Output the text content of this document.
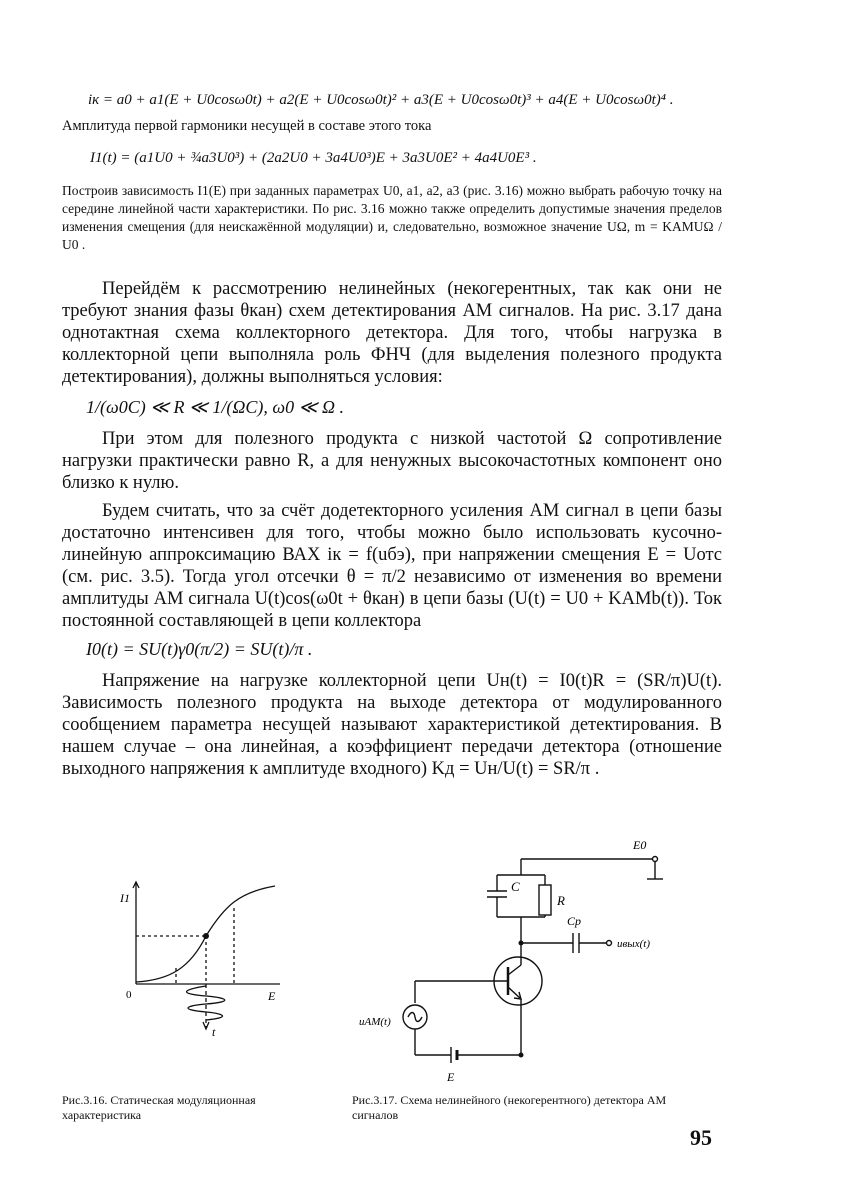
iк = a0 + a1(E + U0cosω0t) + a2(E + U0cosω0t)² + a3(E + U0cosω0t)³ + a4(E + U0cosω0t)⁴ .
Амплитуда первой гармоники несущей в составе этого тока
I1(t) = (a1U0 + ¾a3U0³) + (2a2U0 + 3a4U0³)E + 3a3U0E² + 4a4U0E³ .
Построив зависимость I1(E) при заданных параметрах U0, a1, a2, a3 (рис. 3.16) можно выбрать рабочую точку на середине линейной части характеристики. По рис. 3.16 можно также определить допустимые значения пределов изменения смещения (для неискажённой модуляции) и, следовательно, возможное значение UΩ, m = KAMUΩ / U0 .

Перейдём к рассмотрению нелинейных (некогерентных, так как они не требуют знания фазы θкан) схем детектирования АМ сигналов. На рис. 3.17 дана однотактная схема коллекторного детектора. Для того, чтобы нагрузка в коллекторной цепи выполняла роль ФНЧ (для выделения полезного продукта детектирования), должны выполняться условия:

1/(ω0C) ≪ R ≪ 1/(ΩC), ω0 ≪ Ω .

При этом для полезного продукта с низкой частотой Ω сопротивление нагрузки практически равно R, а для ненужных высокочастотных компонент оно близко к нулю.

Будем считать, что за счёт додетекторного усиления АМ сигнал в цепи базы достаточно интенсивен для того, чтобы можно было использовать кусочно-линейную аппроксимацию ВАХ iк = f(uбэ), при напряжении смещения E = Uотс (см. рис. 3.5). Тогда угол отсечки θ = π/2 независимо от изменения во времени амплитуды АМ сигнала U(t)cos(ω0t + θкан) в цепи базы (U(t) = U0 + KAMb(t)). Ток постоянной составляющей в цепи коллектора

I0(t) = SU(t)γ0(π/2) = SU(t)/π .

Напряжение на нагрузке коллекторной цепи Uн(t) = I0(t)R = (SR/π)U(t). Зависимость полезного продукта на выходе детектора от модулированного сообщением параметра несущей называют характеристикой детектирования. В нашем случае – она линейная, а коэффициент передачи детектора (отношение выходного напряжения к амплитуде входного) Kд = Uн/U(t) = SR/π .

I1
0	E
t
E0
C
R
Cр
uвых(t)
uАМ(t)
E
Рис.3.16. Статическая модуляционная характеристика
Рис.3.17. Схема нелинейного (некогерентного) детектора АМ сигналов
95
